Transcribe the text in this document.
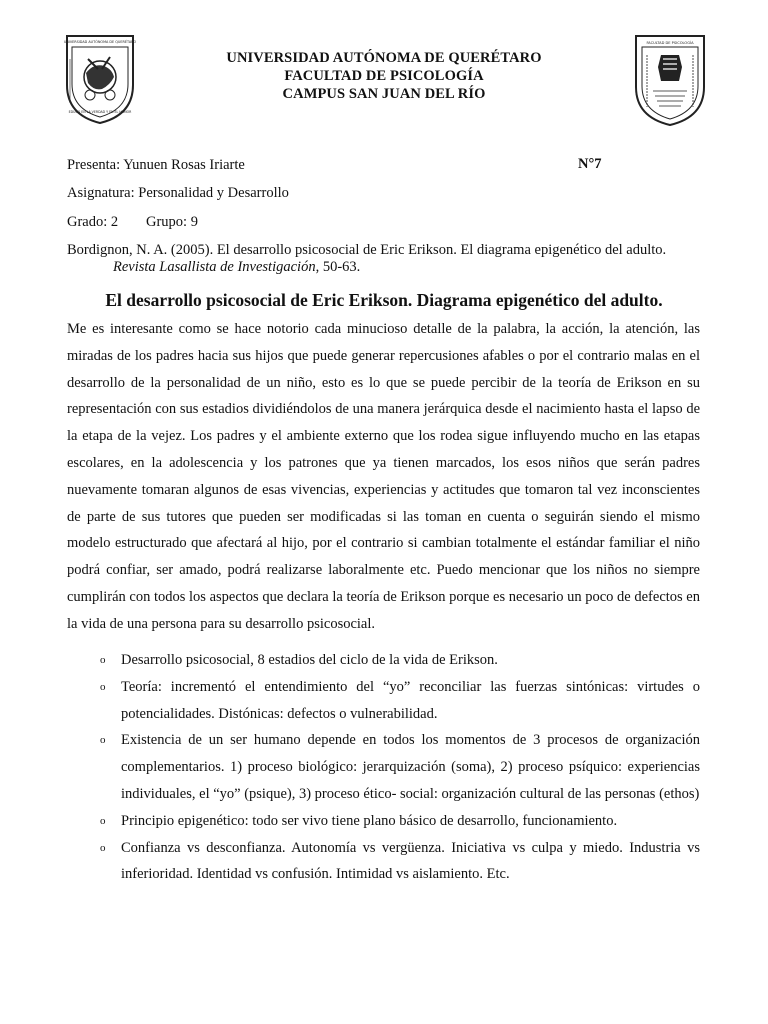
UNIVERSIDAD AUTÓNOMA DE QUERÉTARO
EDUCO EN LA VERDAD Y EN EL HONOR
FACULTAD DE PSICOLOGÍA
UNIVERSIDAD AUTÓNOMA DE QUERÉTARO
FACULTAD DE PSICOLOGÍA
CAMPUS SAN JUAN DEL RÍO
Presenta: Yunuen Rosas Iriarte	N°7
Asignatura: Personalidad y Desarrollo
Grado: 2 Grupo: 9
Bordignon, N. A. (2005). El desarrollo psicosocial de Eric Erikson. El diagrama epigenético del adulto.
Revista Lasallista de Investigación, 50-63.
El desarrollo psicosocial de Eric Erikson. Diagrama epigenético del adulto.

Me es interesante como se hace notorio cada minucioso detalle de la palabra, la acción, la atención, las miradas de los padres hacia sus hijos que puede generar repercusiones afables o por el contrario malas en el desarrollo de la personalidad de un niño, esto es lo que se puede percibir de la teoría de Erikson en su representación con sus estadios dividiéndolos de una manera jerárquica desde el nacimiento hasta el lapso de la etapa de la vejez. Los padres y el ambiente externo que los rodea sigue influyendo mucho en las etapas escolares, en la adolescencia y los patrones que ya tienen marcados, los esos niños que serán padres nuevamente tomaran algunos de esas vivencias, experiencias y actitudes que tomaron tal vez inconscientes de parte de sus tutores que pueden ser modificadas si las toman en cuenta o seguirán siendo el mismo modelo estructurado que afectará al hijo, por el contrario si cambian totalmente el estándar familiar el niño podrá confiar, ser amado, podrá realizarse laboralmente etc. Puedo mencionar que los niños no siempre cumplirán con todos los aspectos que declara la teoría de Erikson porque es necesario un poco de defectos en la vida de una persona para su desarrollo psicosocial.

o Desarrollo psicosocial, 8 estadios del ciclo de la vida de Erikson.
o Teoría: incrementó el entendimiento del “yo” reconciliar las fuerzas sintónicas: virtudes o potencialidades. Distónicas: defectos o vulnerabilidad.
o Existencia de un ser humano depende en todos los momentos de 3 procesos de organización complementarios. 1) proceso biológico: jerarquización (soma), 2) proceso psíquico: experiencias individuales, el “yo” (psique), 3) proceso ético- social: organización cultural de las personas (ethos)
o Principio epigenético: todo ser vivo tiene plano básico de desarrollo, funcionamiento.
o Confianza vs desconfianza. Autonomía vs vergüenza. Iniciativa vs culpa y miedo. Industria vs inferioridad. Identidad vs confusión. Intimidad vs aislamiento. Etc.
